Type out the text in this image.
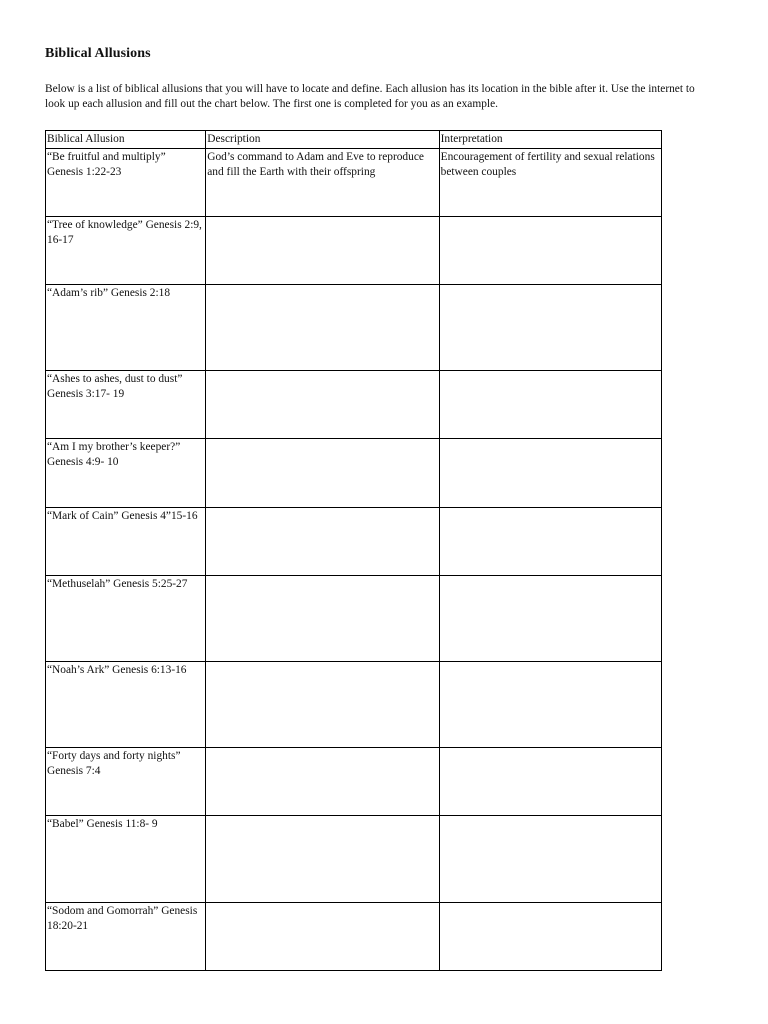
Biblical Allusions
Below is a list of biblical allusions that you will have to locate and define. Each allusion has its location in the bible after it. Use the internet to look up each allusion and fill out the chart below. The first one is completed for you as an example.
Biblical Allusion	Description	Interpretation
“Be fruitful and multiply” Genesis 1:22-23	God’s command to Adam and Eve to reproduce and fill the Earth with their offspring	Encouragement of fertility and sexual relations between couples
“Tree of knowledge” Genesis 2:9, 16-17		
“Adam’s rib” Genesis 2:18		
“Ashes to ashes, dust to dust” Genesis 3:17- 19		
“Am I my brother’s keeper?” Genesis 4:9- 10		
“Mark of Cain” Genesis 4”15-16		
“Methuselah” Genesis 5:25-27		
“Noah’s Ark” Genesis 6:13-16		
“Forty days and forty nights” Genesis 7:4		
“Babel” Genesis 11:8- 9		
“Sodom and Gomorrah” Genesis 18:20-21		
